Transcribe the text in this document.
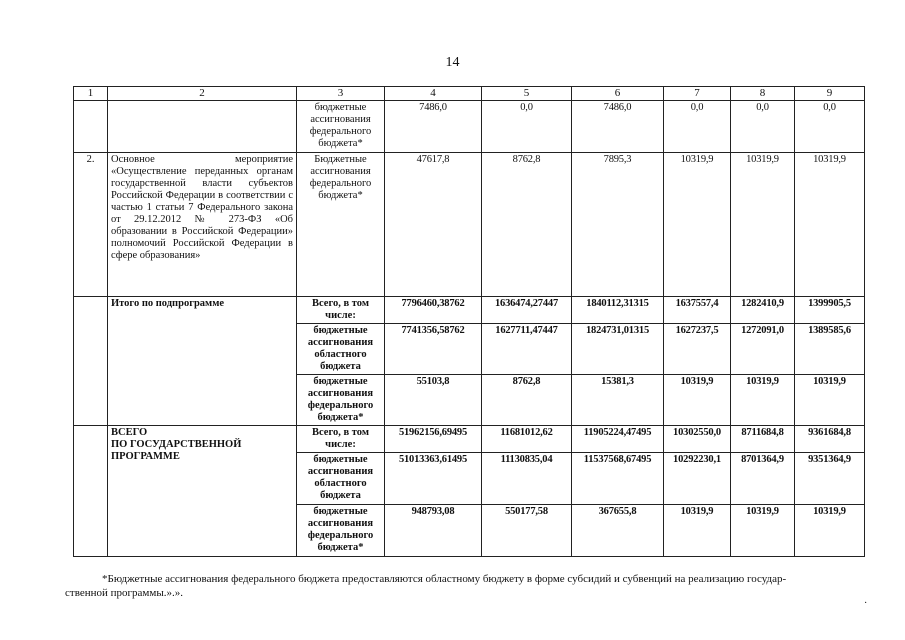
14
1	2	3	4	5	6	7	8	9
		бюджетные ассигнования федерального бюджета*	7486,0	0,0	7486,0	0,0	0,0	0,0
2.	Основное мероприятие «Осуществление переданных органам государственной власти субъектов Российской Федерации в соответствии с частью 1 статьи 7 Федерального закона от 29.12.2012 № 273-ФЗ «Об образовании в Российской Федерации» полномочий Российской Федерации в сфере образования»	Бюджетные ассигнования федерального бюджета*	47617,8	8762,8	7895,3	10319,9	10319,9	10319,9
	Итого по подпрограмме	Всего, в том числе:	7796460,38762	1636474,27447	1840112,31315	1637557,4	1282410,9	1399905,5
		бюджетные ассигнования областного бюджета	7741356,58762	1627711,47447	1824731,01315	1627237,5	1272091,0	1389585,6
		бюджетные ассигнования федерального бюджета*	55103,8	8762,8	15381,3	10319,9	10319,9	10319,9

	ВСЕГО
ПО ГОСУДАРСТВЕННОЙ ПРОГРАММЕ	Всего, в том числе:	51962156,69495	11681012,62	11905224,47495	10302550,0	8711684,8	9361684,8
		бюджетные ассигнования областного бюджета	51013363,61495	11130835,04	11537568,67495	10292230,1	8701364,9	9351364,9
		бюджетные ассигнования федерального бюджета*	948793,08	550177,58	367655,8	10319,9	10319,9	10319,9
*Бюджетные ассигнования федерального бюджета предоставляются областному бюджету в форме субсидий и субвенций на реализацию государ-
ственной программы.».».
·
